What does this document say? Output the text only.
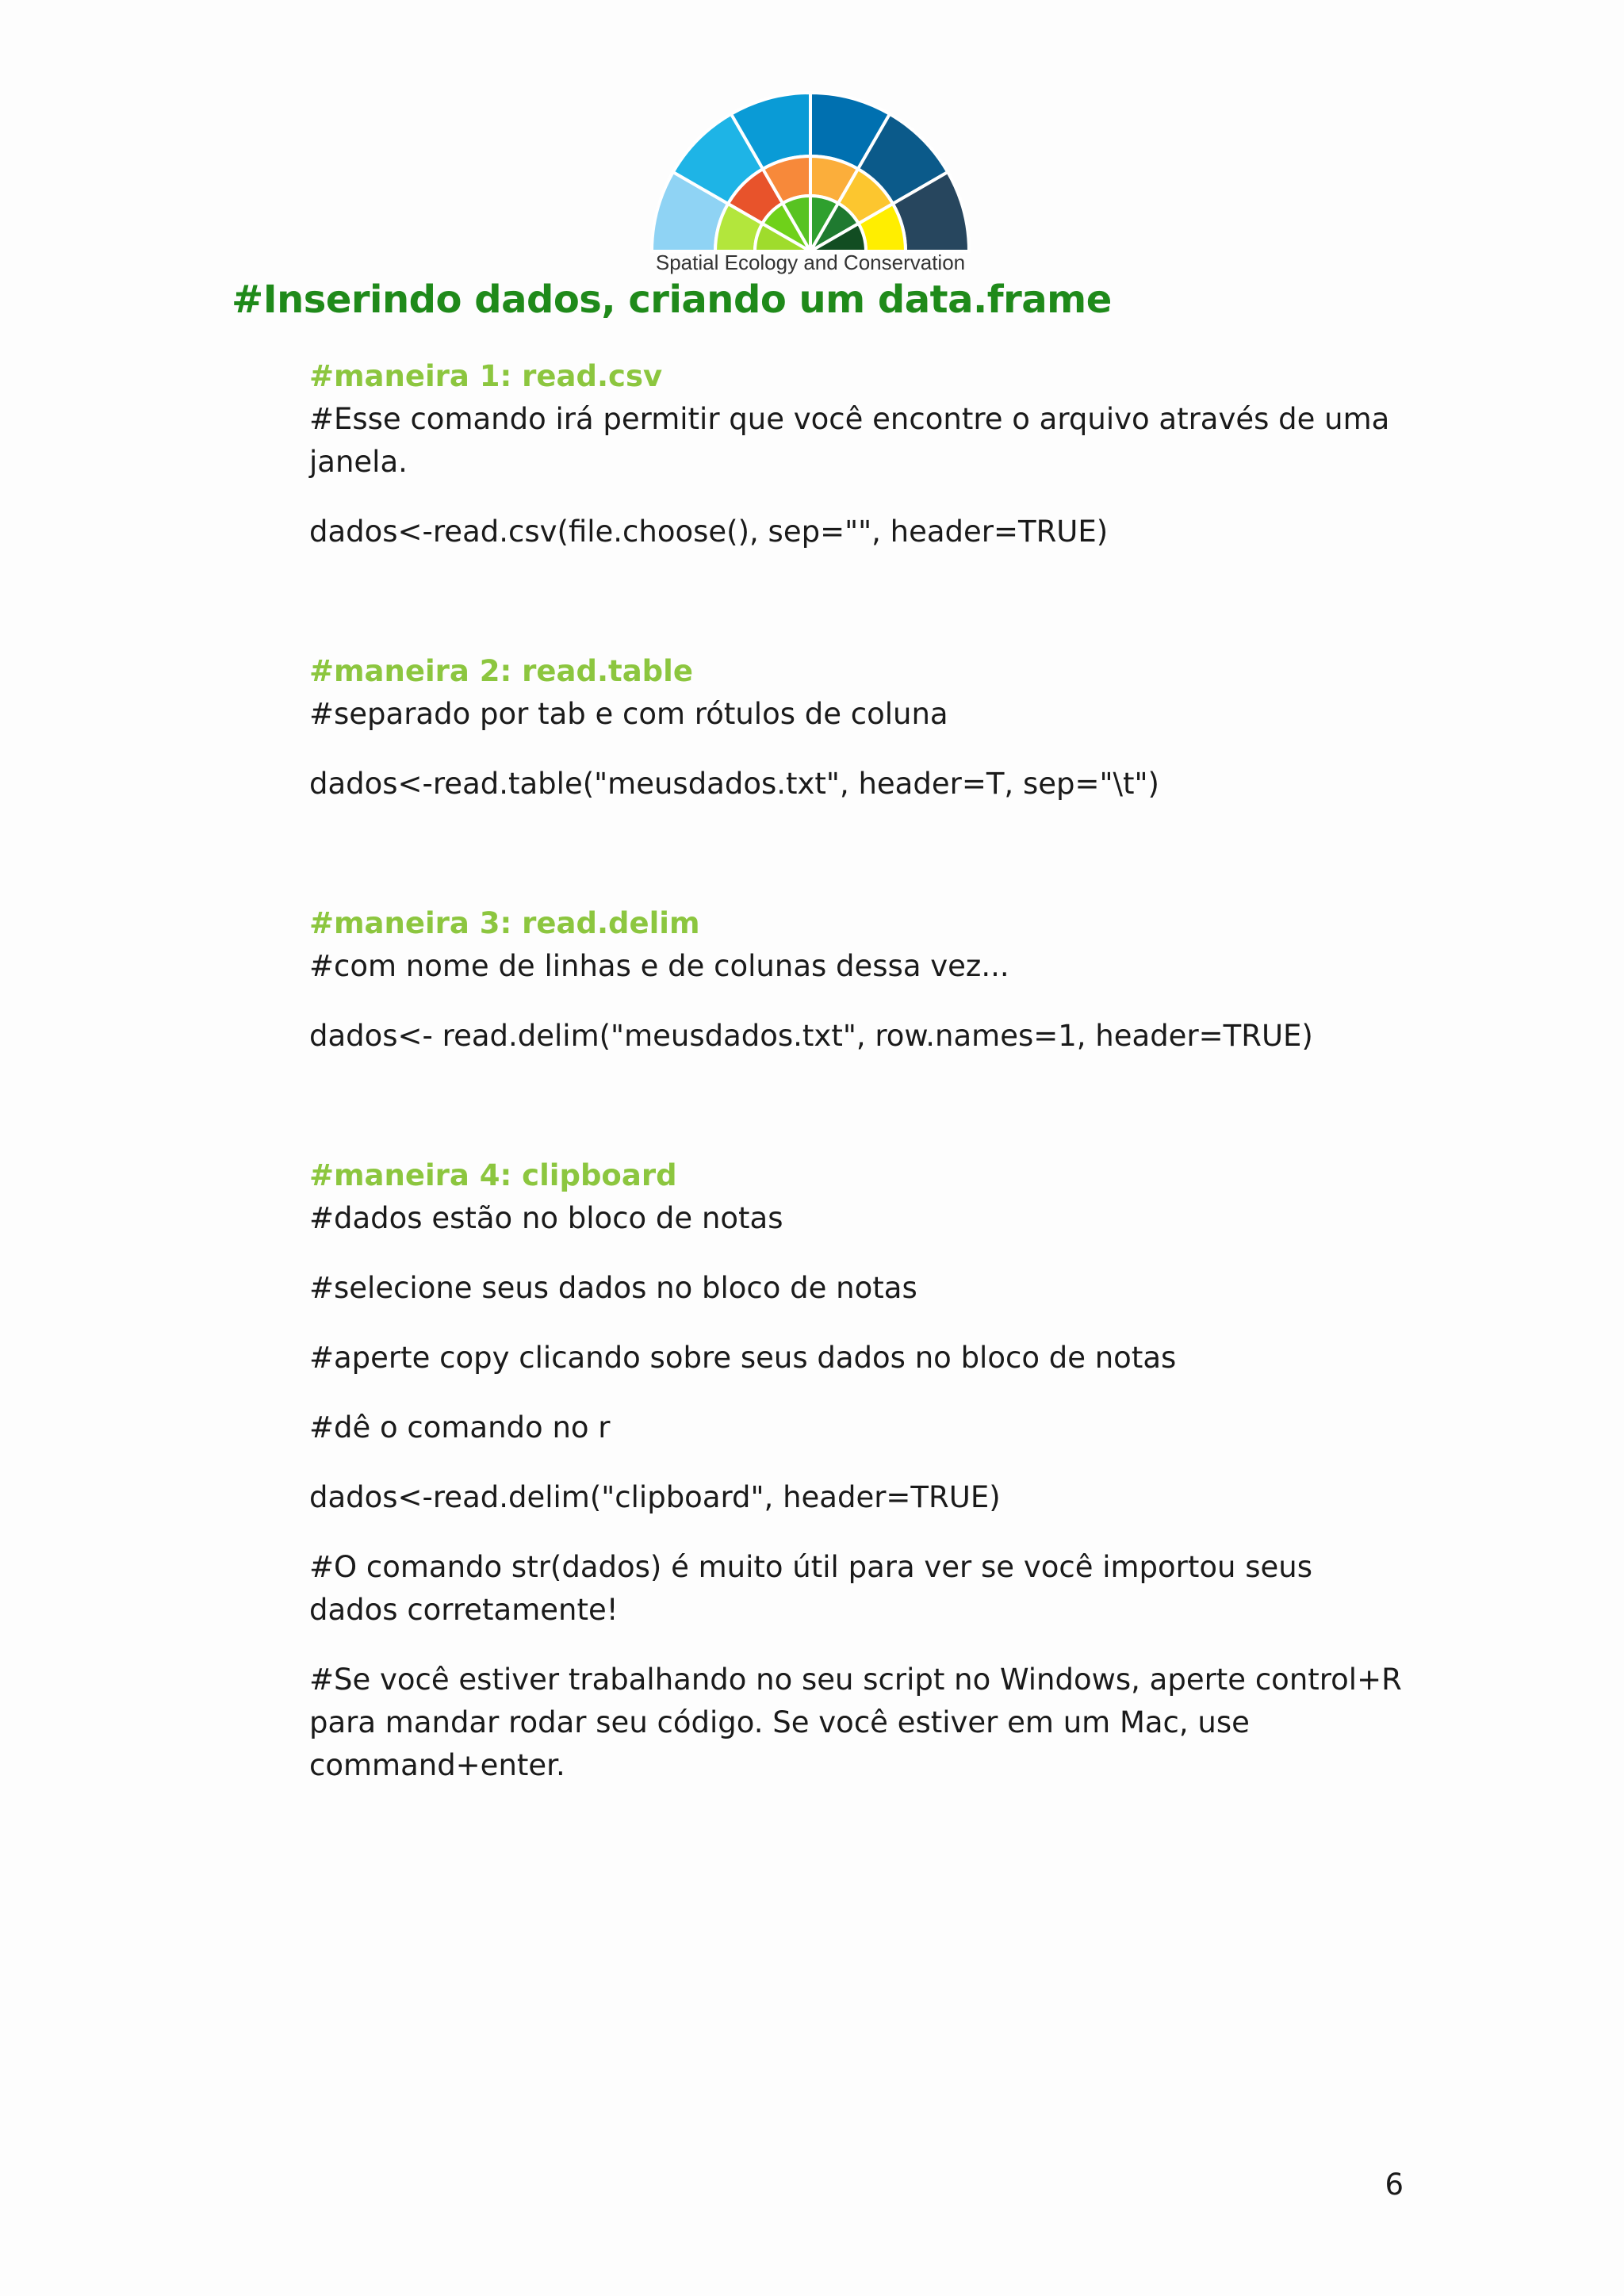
Spatial Ecology and Conservation
#Inserindo dados, criando um data.frame

#maneira 1: read.csv

#Esse comando irá permitir que você encontre o arquivo através de uma janela.

dados<-read.csv(file.choose(), sep="", header=TRUE)

#maneira 2: read.table

#separado por tab e com rótulos de coluna

dados<-read.table("meusdados.txt", header=T, sep="\t")

#maneira 3: read.delim

#com nome de linhas e de colunas dessa vez...

dados<- read.delim("meusdados.txt", row.names=1, header=TRUE)

#maneira 4: clipboard

#dados estão no bloco de notas

#selecione seus dados no bloco de notas

#aperte copy clicando sobre seus dados no bloco de notas

#dê o comando no r

dados<-read.delim("clipboard", header=TRUE)

#O comando str(dados) é muito útil para ver se você importou seus dados corretamente!

#Se você estiver trabalhando no seu script no Windows, aperte control+R para mandar rodar seu código. Se você estiver em um Mac, use command+enter.

6
